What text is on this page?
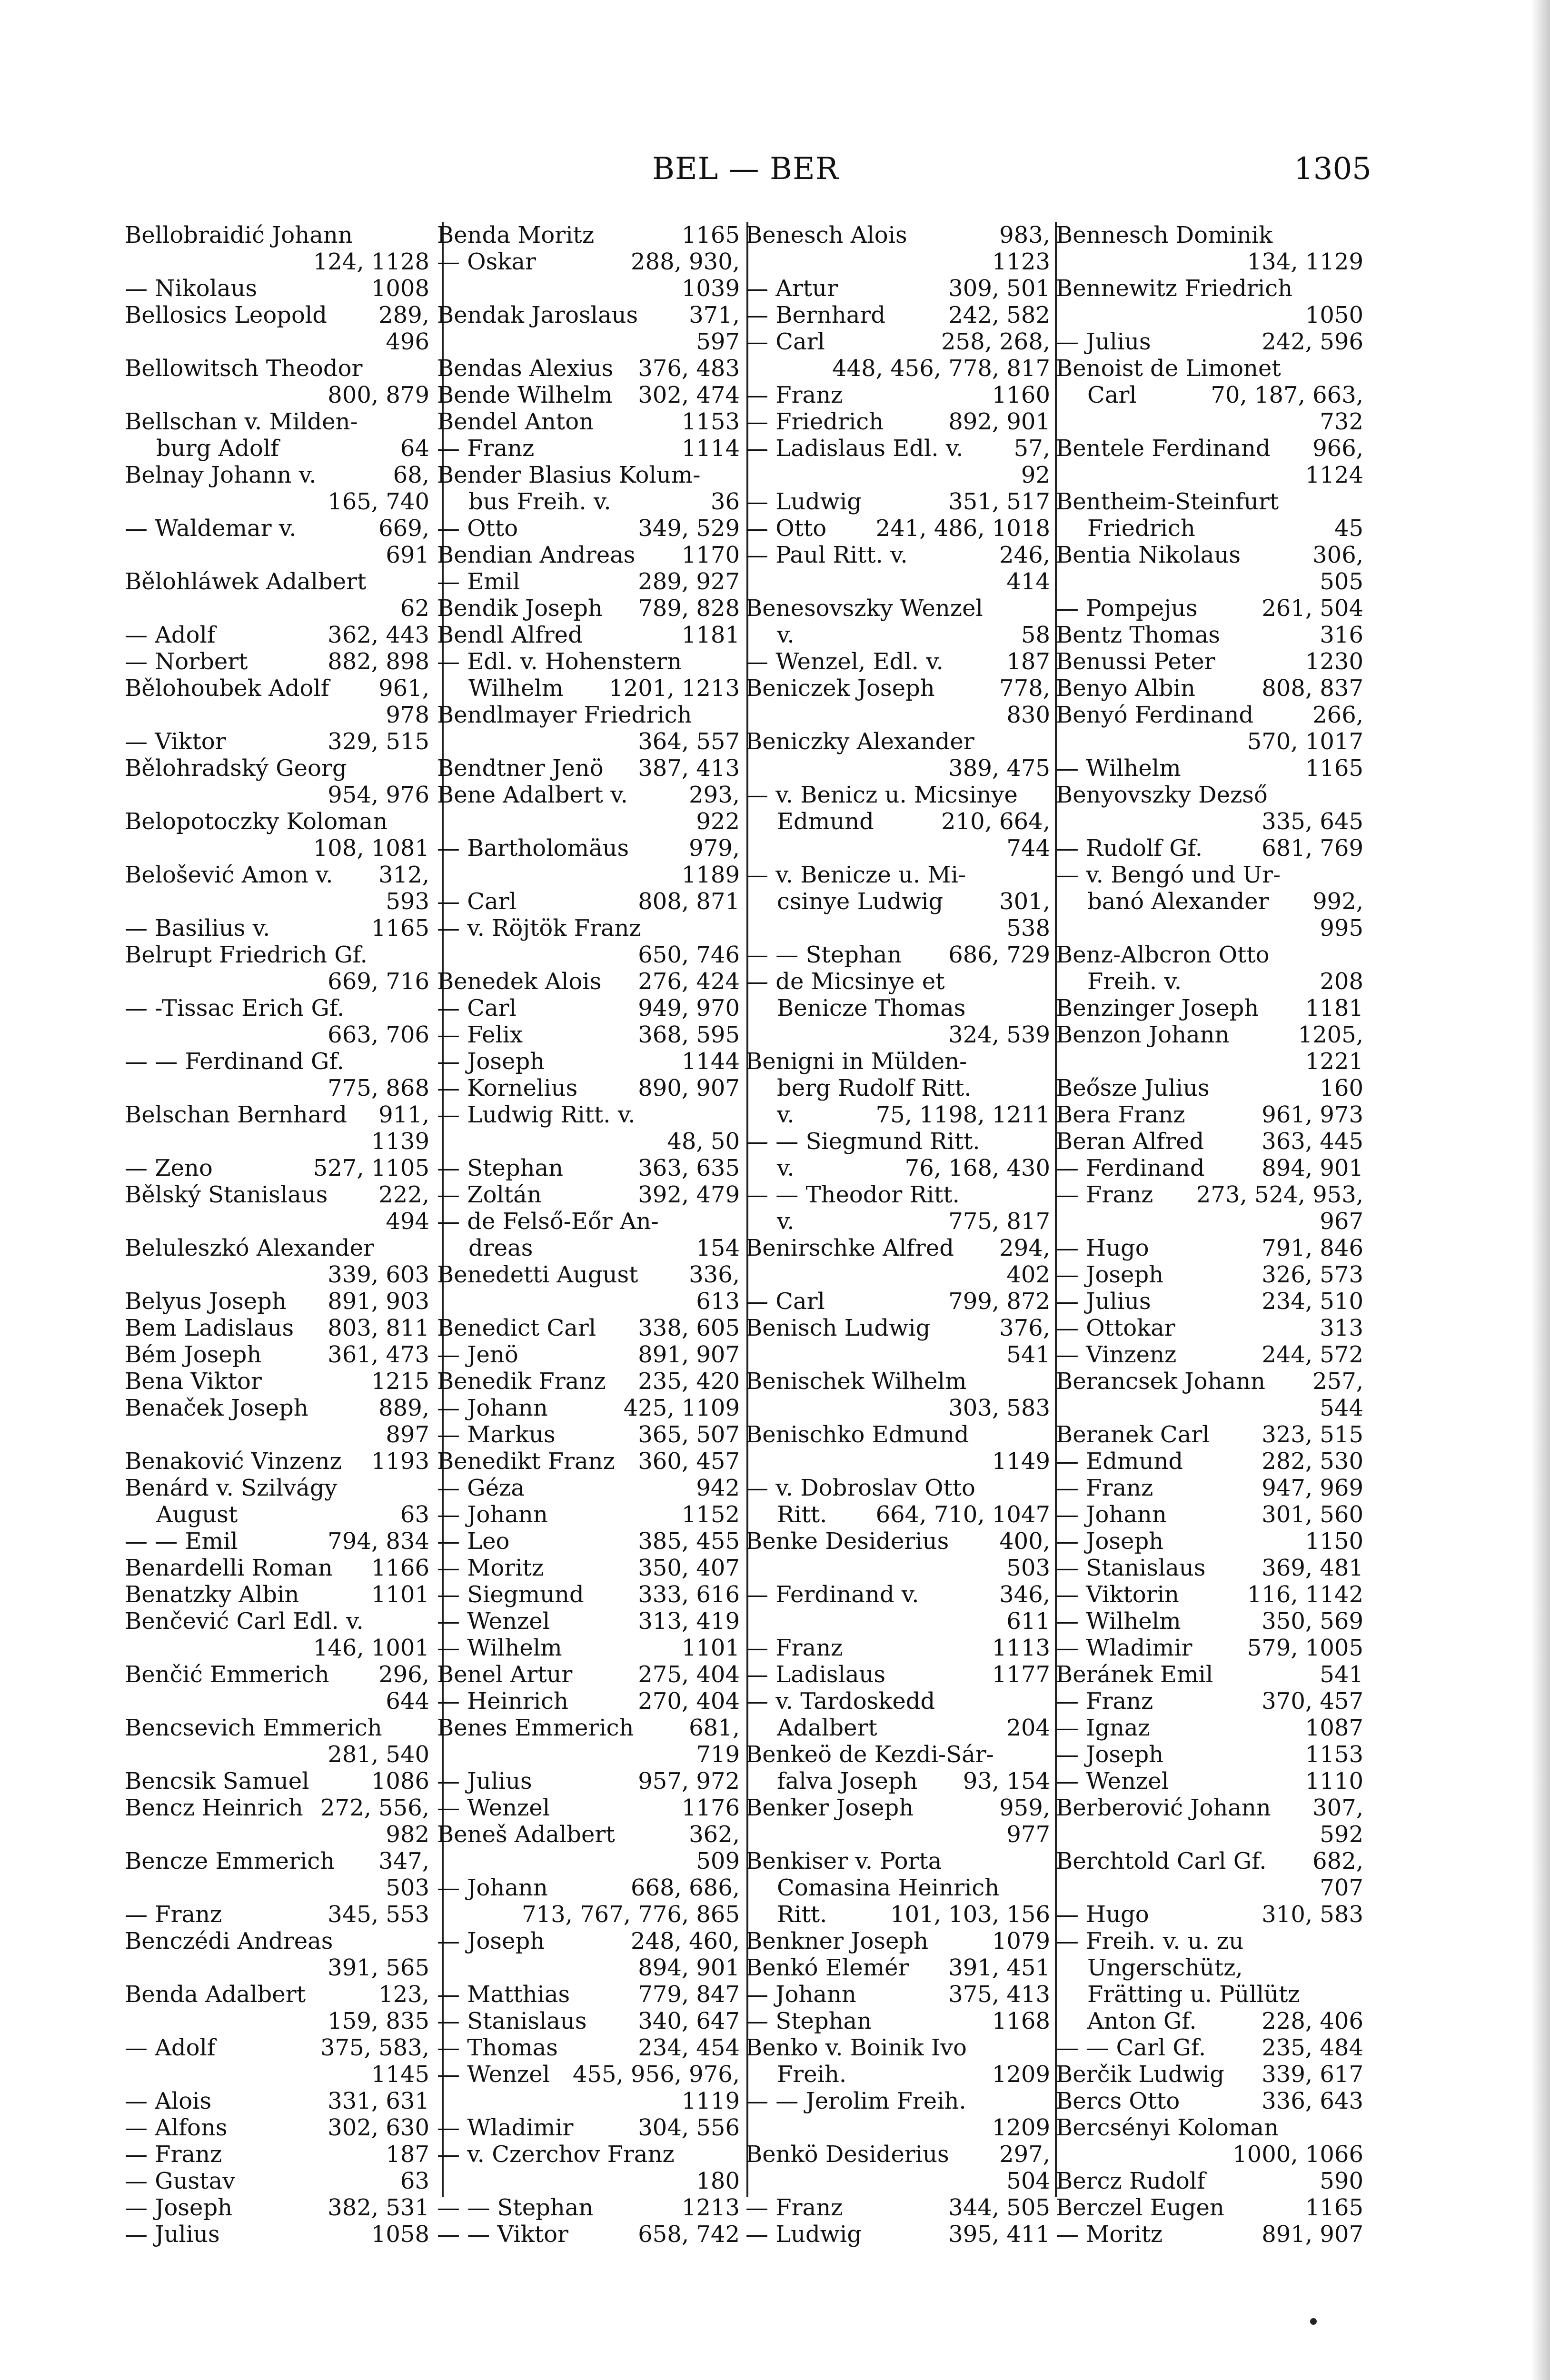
BEL — BER	1305
Bellobraidić Johann
124, 1128
— Nikolaus	1008
Bellosics Leopold 289,
496
Bellowitsch Theodor
800, 879
Bellschan v. Milden-
burg Adolf	64
Belnay Johann v.	68,
165, 740
— Waldemar v.	669,
691
Bělohláwek Adalbert
62
— Adolf	362, 443
— Norbert	882, 898
Bělohoubek Adolf 961,
978
— Viktor	329, 515
Bělohradský Georg
954, 976
Belopotoczky Koloman
108, 1081
Belošević Amon v. 312,
593
— Basilius v.	1165
Belrupt Friedrich Gf.
669, 716
— -Tissac Erich Gf.
663, 706
— — Ferdinand Gf.
775, 868
Belschan Bernhard 911,
1139
— Zeno	527, 1105
Bělský Stanislaus 222,
494
Beluleszkó Alexander
339, 603
Belyus Joseph 891, 903
Bem Ladislaus 803, 811
Bém Joseph	361, 473
Bena Viktor	1215
Benaček Joseph	889,
897
Benaković Vinzenz 1193
Benárd v. Szilvágy
August	63
— — Emil	794, 834
Benardelli Roman 1166
Benatzky Albin	1101
Benčević Carl Edl. v.
146, 1001
Benčić Emmerich 296,
644
Bencsevich Emmerich
281, 540
Bencsik Samuel	1086
Bencz Heinrich 272, 556,
982
Bencze Emmerich 347,
503
— Franz	345, 553
Benczédi Andreas
391, 565
Benda Adalbert	123,
159, 835
— Adolf	375, 583,
1145
— Alois	331, 631
— Alfons	302, 630
— Franz	187
— Gustav	63
— Joseph	382, 531
— Julius	1058
Benda Moritz	1165
— Oskar	288, 930,
1039
Bendak Jaroslaus 371,
597
Bendas Alexius 376, 483
Bende Wilhelm 302, 474
Bendel Anton	1153
— Franz	1114
Bender Blasius Kolum-
bus Freih. v.	36
— Otto	349, 529
Bendian Andreas 1170
— Emil	289, 927
Bendik Joseph 789, 828
Bendl Alfred	1181
— Edl. v. Hohenstern
Wilhelm 1201, 1213
Bendlmayer Friedrich
364, 557
Bendtner Jenö 387, 413
Bene Adalbert v.	293,
922
— Bartholomäus	979,
1189
— Carl	808, 871
— v. Röjtök Franz
650, 746
Benedek Alois 276, 424
— Carl	949, 970
— Felix	368, 595
— Joseph	1144
— Kornelius	890, 907
— Ludwig Ritt. v.
48, 50
— Stephan	363, 635
— Zoltán	392, 479
— de Felső-Eőr An-
dreas	154
Benedetti August 336,
613
Benedict Carl 338, 605
— Jenö	891, 907
Benedik Franz 235, 420
— Johann	425, 1109
— Markus	365, 507
Benedikt Franz 360, 457
— Géza	942
— Johann	1152
— Leo	385, 455
— Moritz	350, 407
— Siegmund 333, 616
— Wenzel	313, 419
— Wilhelm	1101
Benel Artur	275, 404
— Heinrich	270, 404
Benes Emmerich 681,
719
— Julius	957, 972
— Wenzel	1176
Beneš Adalbert	362,
509
— Johann	668, 686,
713, 767, 776, 865
— Joseph	248, 460,
894, 901
— Matthias	779, 847
— Stanislaus 340, 647
— Thomas	234, 454
— Wenzel 455, 956, 976,
1119
— Wladimir	304, 556
— v. Czerchov Franz
180
— — Stephan	1213
— — Viktor	658, 742
Benesch Alois	983,
1123
— Artur	309, 501
— Bernhard	242, 582
— Carl	258, 268,
448, 456, 778, 817
— Franz	1160
— Friedrich	892, 901
— Ladislaus Edl. v. 57,
92
— Ludwig	351, 517
— Otto 241, 486, 1018
— Paul Ritt. v.	246,
414
Benesovszky Wenzel
v.	58
— Wenzel, Edl. v.	187
Beniczek Joseph	778,
830
Beniczky Alexander
389, 475
— v. Benicz u. Micsinye
Edmund	210, 664,
744
— v. Benicze u. Mi-
csinye Ludwig 301,
538
— — Stephan 686, 729
— de Micsinye et
Benicze Thomas
324, 539
Benigni in Mülden-
berg Rudolf Ritt.
v.	75, 1198, 1211
— — Siegmund Ritt.
v.	76, 168, 430
— — Theodor Ritt.
v.	775, 817
Benirschke Alfred 294,
402
— Carl	799, 872
Benisch Ludwig	376,
541
Benischek Wilhelm
303, 583
Benischko Edmund
1149
— v. Dobroslav Otto
Ritt. 664, 710, 1047
Benke Desiderius 400,
503
— Ferdinand v.	346,
611
— Franz	1113
— Ladislaus	1177
— v. Tardoskedd
Adalbert	204
Benkeö de Kezdi-Sár-
falva Joseph 93, 154
Benker Joseph	959,
977
Benkiser v. Porta
Comasina Heinrich
Ritt.	101, 103, 156
Benkner Joseph	1079
Benkó Elemér 391, 451
— Johann	375, 413
— Stephan	1168
Benko v. Boinik Ivo
Freih.	1209
— — Jerolim Freih.
1209
Benkö Desiderius 297,
504
— Franz	344, 505
— Ludwig	395, 411
Bennesch Dominik
134, 1129
Bennewitz Friedrich
1050
— Julius	242, 596
Benoist de Limonet
Carl	70, 187, 663,
732
Bentele Ferdinand 966,
1124
Bentheim-Steinfurt
Friedrich	45
Bentia Nikolaus	306,
505
— Pompejus	261, 504
Bentz Thomas	316
Benussi Peter	1230
Benyo Albin	808, 837
Benyó Ferdinand	266,
570, 1017
— Wilhelm	1165
Benyovszky Dezső
335, 645
— Rudolf Gf.	681, 769
— v. Bengó und Ur-
banó Alexander 992,
995
Benz-Albcron Otto
Freih. v.	208
Benzinger Joseph 1181
Benzon Johann	1205,
1221
Beősze Julius	160
Bera Franz	961, 973
Beran Alfred	363, 445
— Ferdinand 894, 901
— Franz 273, 524, 953,
967
— Hugo	791, 846
— Joseph	326, 573
— Julius	234, 510
— Ottokar	313
— Vinzenz	244, 572
Berancsek Johann 257,
544
Beranek Carl 323, 515
— Edmund	282, 530
— Franz	947, 969
— Johann	301, 560
— Joseph	1150
— Stanislaus 369, 481
— Viktorin	116, 1142
— Wilhelm	350, 569
— Wladimir 579, 1005
Beránek Emil	541
— Franz	370, 457
— Ignaz	1087
— Joseph	1153
— Wenzel	1110
Berberović Johann 307,
592
Berchtold Carl Gf. 682,
707
— Hugo	310, 583
— Freih. v. u. zu
Ungerschütz,
Frätting u. Püllütz
Anton Gf.	228, 406
— — Carl Gf. 235, 484
Berčik Ludwig 339, 617
Bercs Otto	336, 643
Bercsényi Koloman
1000, 1066
Bercz Rudolf	590
Berczel Eugen	1165
— Moritz	891, 907
